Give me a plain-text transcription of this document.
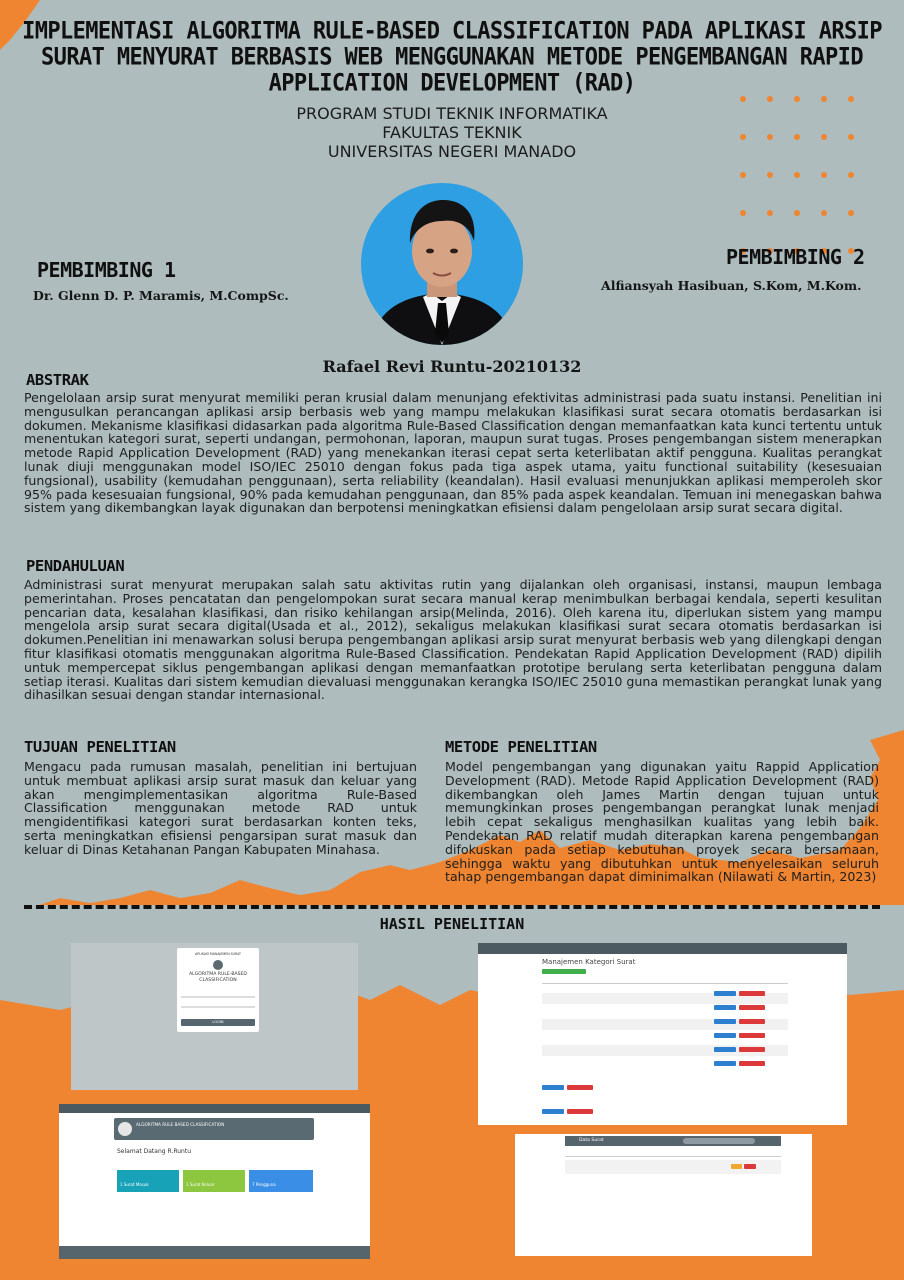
IMPLEMENTASI ALGORITMA RULE-BASED CLASSIFICATION PADA APLIKASI ARSIP
SURAT MENYURAT BERBASIS WEB MENGGUNAKAN METODE PENGEMBANGAN RAPID
APPLICATION DEVELOPMENT (RAD)
PROGRAM STUDI TEKNIK INFORMATIKA
FAKULTAS TEKNIK
UNIVERSITAS NEGERI MANADO
Rafael Revi Runtu-20210132
PEMBIMBING 1
Dr. Glenn D. P. Maramis, M.CompSc.
PEMBIMBING 2
Alfiansyah Hasibuan, S.Kom, M.Kom.
ABSTRAK
Pengelolaan arsip surat menyurat memiliki peran krusial dalam menunjang efektivitas administrasi pada suatu instansi. Penelitian ini mengusulkan perancangan aplikasi arsip berbasis web yang mampu melakukan klasifikasi surat secara otomatis berdasarkan isi dokumen. Mekanisme klasifikasi didasarkan pada algoritma Rule-Based Classification dengan memanfaatkan kata kunci tertentu untuk menentukan kategori surat, seperti undangan, permohonan, laporan, maupun surat tugas. Proses pengembangan sistem menerapkan metode Rapid Application Development (RAD) yang menekankan iterasi cepat serta keterlibatan aktif pengguna. Kualitas perangkat lunak diuji menggunakan model ISO/IEC 25010 dengan fokus pada tiga aspek utama, yaitu functional suitability (kesesuaian fungsional), usability (kemudahan penggunaan), serta reliability (keandalan). Hasil evaluasi menunjukkan aplikasi memperoleh skor 95% pada kesesuaian fungsional, 90% pada kemudahan penggunaan, dan 85% pada aspek keandalan. Temuan ini menegaskan bahwa sistem yang dikembangkan layak digunakan dan berpotensi meningkatkan efisiensi dalam pengelolaan arsip surat secara digital.
PENDAHULUAN
Administrasi surat menyurat merupakan salah satu aktivitas rutin yang dijalankan oleh organisasi, instansi, maupun lembaga pemerintahan. Proses pencatatan dan pengelompokan surat secara manual kerap menimbulkan berbagai kendala, seperti kesulitan pencarian data, kesalahan klasifikasi, dan risiko kehilangan arsip(Melinda, 2016). Oleh karena itu, diperlukan sistem yang mampu mengelola arsip surat secara digital(Usada et al., 2012), sekaligus melakukan klasifikasi surat secara otomatis berdasarkan isi dokumen.Penelitian ini menawarkan solusi berupa pengembangan aplikasi arsip surat menyurat berbasis web yang dilengkapi dengan fitur klasifikasi otomatis menggunakan algoritma Rule-Based Classification. Pendekatan Rapid Application Development (RAD) dipilih untuk mempercepat siklus pengembangan aplikasi dengan memanfaatkan prototipe berulang serta keterlibatan pengguna dalam setiap iterasi. Kualitas dari sistem kemudian dievaluasi menggunakan kerangka ISO/IEC 25010 guna memastikan perangkat lunak yang dihasilkan sesuai dengan standar internasional.
TUJUAN PENELITIAN
Mengacu pada rumusan masalah, penelitian ini bertujuan untuk membuat aplikasi arsip surat masuk dan keluar yang akan mengimplementasikan algoritma Rule-Based Classification menggunakan metode RAD untuk mengidentifikasi kategori surat berdasarkan konten teks, serta meningkatkan efisiensi pengarsipan surat masuk dan keluar di Dinas Ketahanan Pangan Kabupaten Minahasa.
METODE PENELITIAN
Model pengembangan yang digunakan yaitu Rappid Application Development (RAD). Metode Rapid Application Development (RAD) dikembangkan oleh James Martin dengan tujuan untuk memungkinkan proses pengembangan perangkat lunak menjadi lebih cepat sekaligus menghasilkan kualitas yang lebih baik. Pendekatan RAD relatif mudah diterapkan karena pengembangan difokuskan pada setiap kebutuhan proyek secara bersamaan, sehingga waktu yang dibutuhkan untuk menyelesaikan seluruh tahap pengembangan dapat diminimalkan (Nilawati & Martin, 2023)
HASIL PENELITIAN
APLIKASI MANAJEMEN SURAT
ALGORITMA RULE-BASED CLASSIFICATION
LOGIN
Manajemen Kategori Surat
ALGORITMA RULE BASED CLASSIFICATION
Selamat Datang R.Runtu
1 Surat Masuk	1 Surat Keluar	7 Pengguna
Data Surat
